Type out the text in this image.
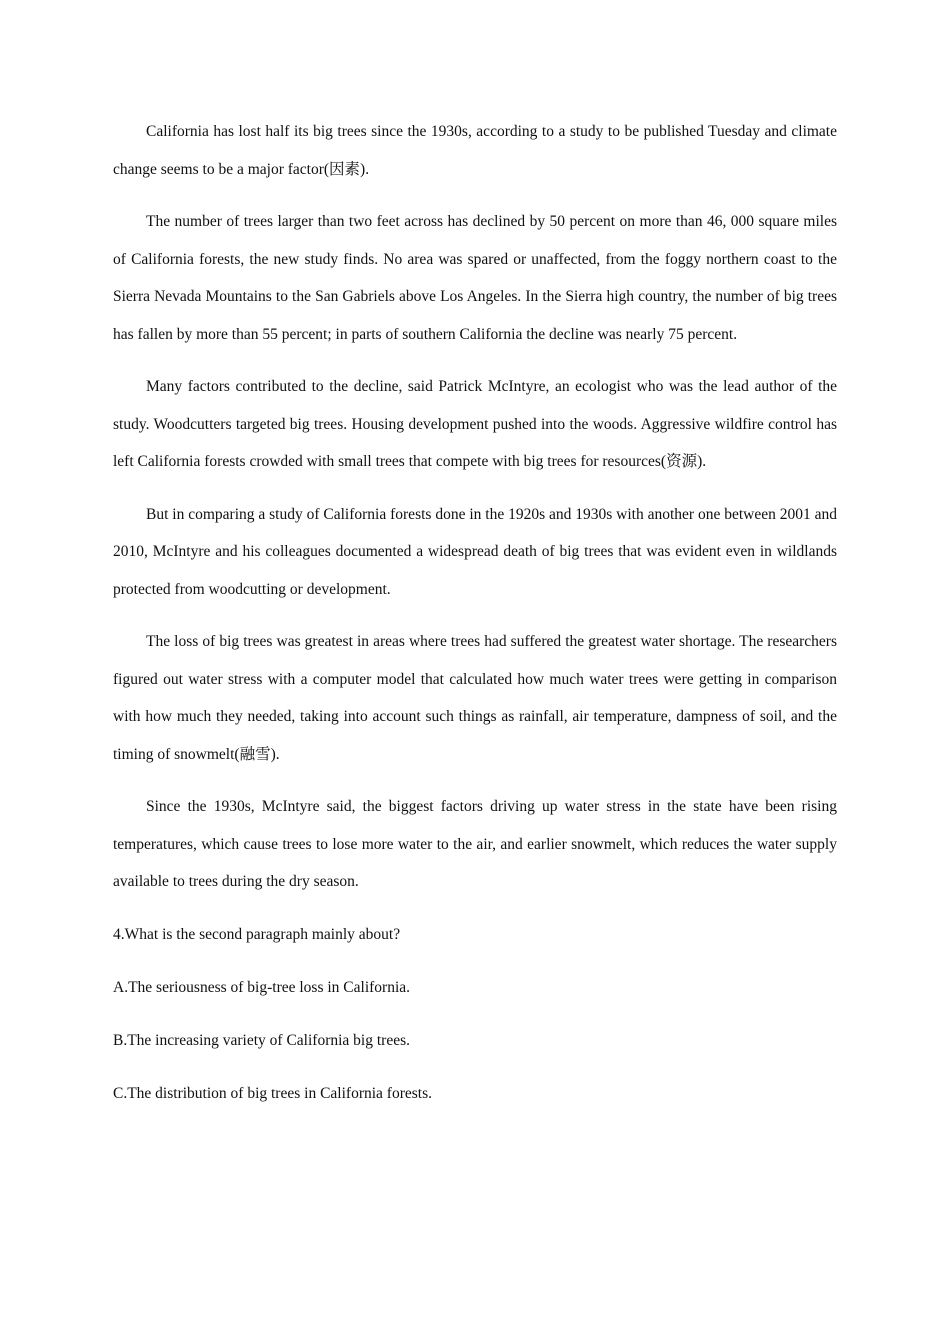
California has lost half its big trees since the 1930s, according to a study to be published Tuesday and climate change seems to be a major factor(因素).

The number of trees larger than two feet across has declined by 50 percent on more than 46, 000 square miles of California forests, the new study finds. No area was spared or unaffected, from the foggy northern coast to the Sierra Nevada Mountains to the San Gabriels above Los Angeles. In the Sierra high country, the number of big trees has fallen by more than 55 percent; in parts of southern California the decline was nearly 75 percent.

Many factors contributed to the decline, said Patrick McIntyre, an ecologist who was the lead author of the study. Woodcutters targeted big trees. Housing development pushed into the woods. Aggressive wildfire control has left California forests crowded with small trees that compete with big trees for resources(资源).

But in comparing a study of California forests done in the 1920s and 1930s with another one between 2001 and 2010, McIntyre and his colleagues documented a widespread death of big trees that was evident even in wildlands protected from woodcutting or development.

The loss of big trees was greatest in areas where trees had suffered the greatest water shortage. The researchers figured out water stress with a computer model that calculated how much water trees were getting in comparison with how much they needed, taking into account such things as rainfall, air temperature, dampness of soil, and the timing of snowmelt(融雪).

Since the 1930s, McIntyre said, the biggest factors driving up water stress in the state have been rising temperatures, which cause trees to lose more water to the air, and earlier snowmelt, which reduces the water supply available to trees during the dry season.

4.What is the second paragraph mainly about?

A.The seriousness of big-tree loss in California.

B.The increasing variety of California big trees.

C.The distribution of big trees in California forests.
